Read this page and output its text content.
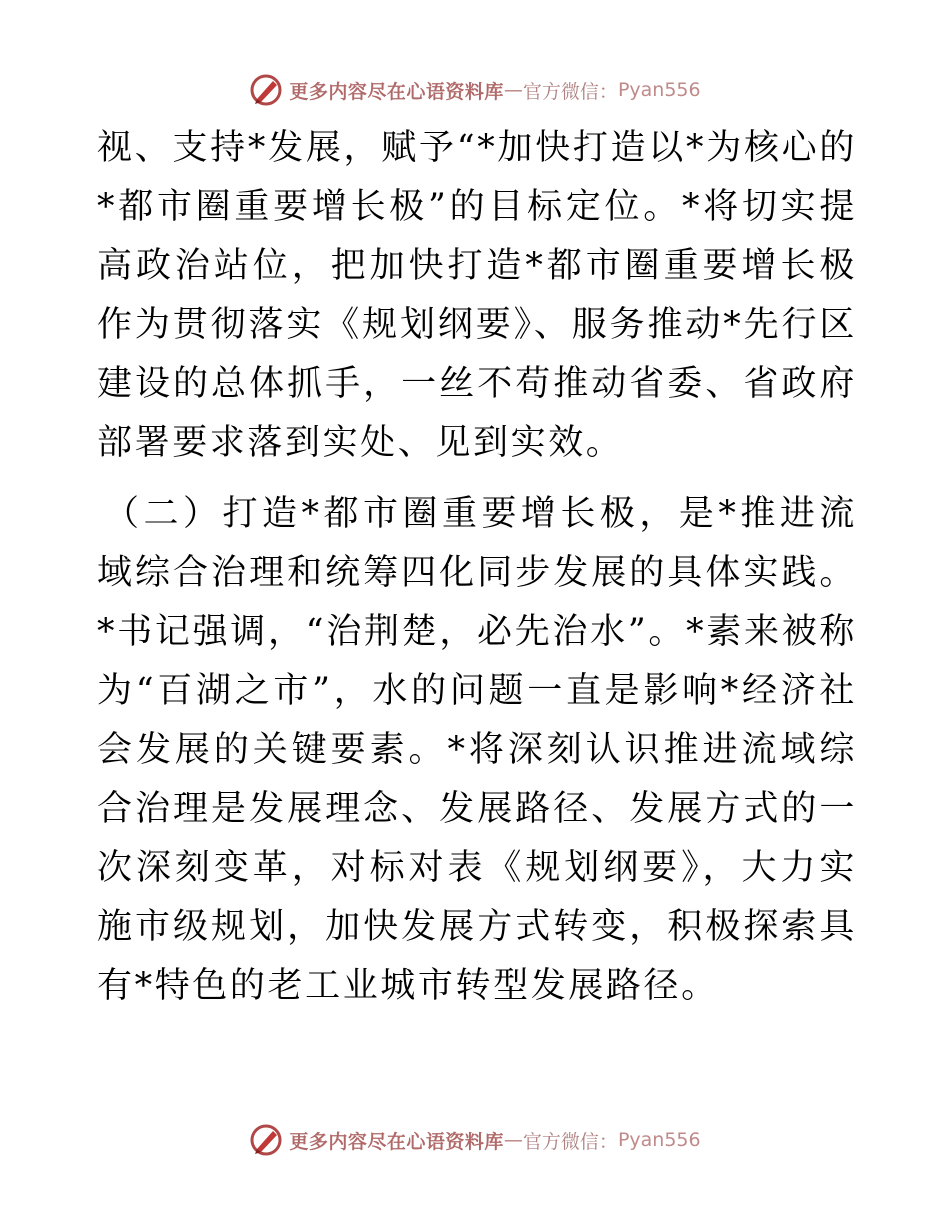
更多内容尽在心语资料库 — 官方微信： Pyan556

视、支持*发展，赋予“*加快打造以*为核心的*都市圈重要增长极”的目标定位。*将切实提高政治站位，把加快打造*都市圈重要增长极作为贯彻落实《规划纲要》、服务推动*先行区建设的总体抓手，一丝不苟推动省委、省政府部署要求落到实处、见到实效。

（二）打造*都市圈重要增长极，是*推进流域综合治理和统筹四化同步发展的具体实践。*书记强调，“治荆楚，必先治水”。*素来被称为“百湖之市”，水的问题一直是影响*经济社会发展的关键要素。*将深刻认识推进流域综合治理是发展理念、发展路径、发展方式的一次深刻变革，对标对表《规划纲要》，大力实施市级规划，加快发展方式转变，积极探索具有*特色的老工业城市转型发展路径。

更多内容尽在心语资料库 — 官方微信： Pyan556
